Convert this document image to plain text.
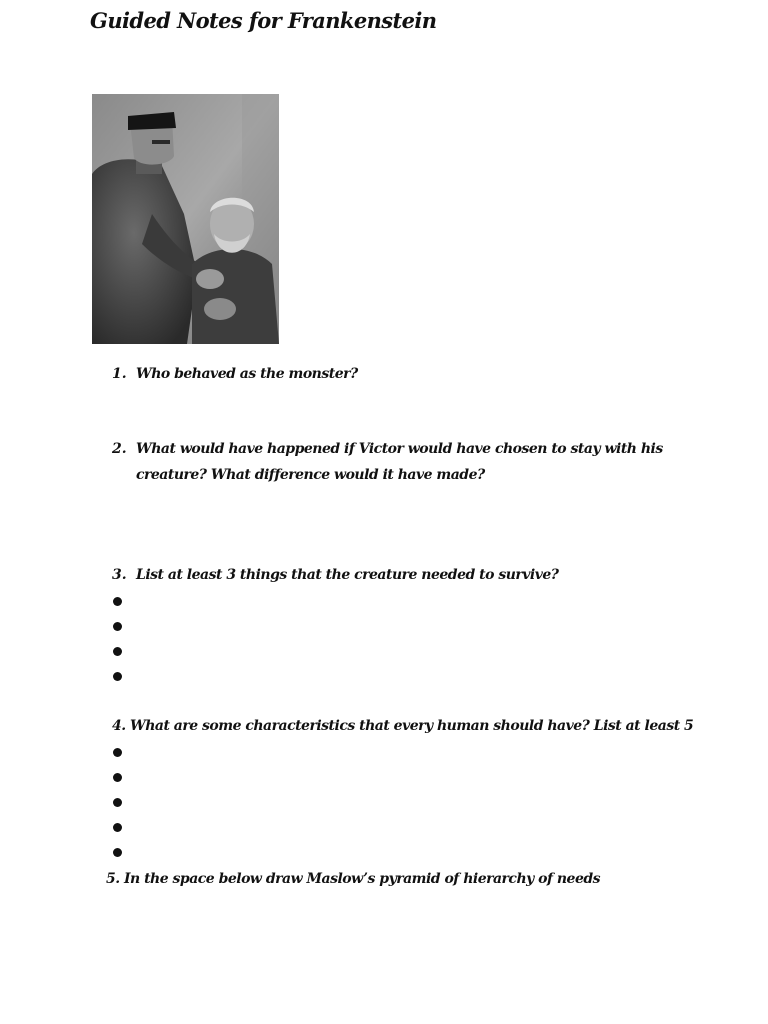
Guided Notes for Frankenstein
1. Who behaved as the monster?
2. What would have happened if Victor would have chosen to stay with his
creature? What difference would it have made?
3. List at least 3 things that the creature needed to survive?
4. What are some characteristics that every human should have? List at least 5
5. In the space below draw Maslow’s pyramid of hierarchy of needs
